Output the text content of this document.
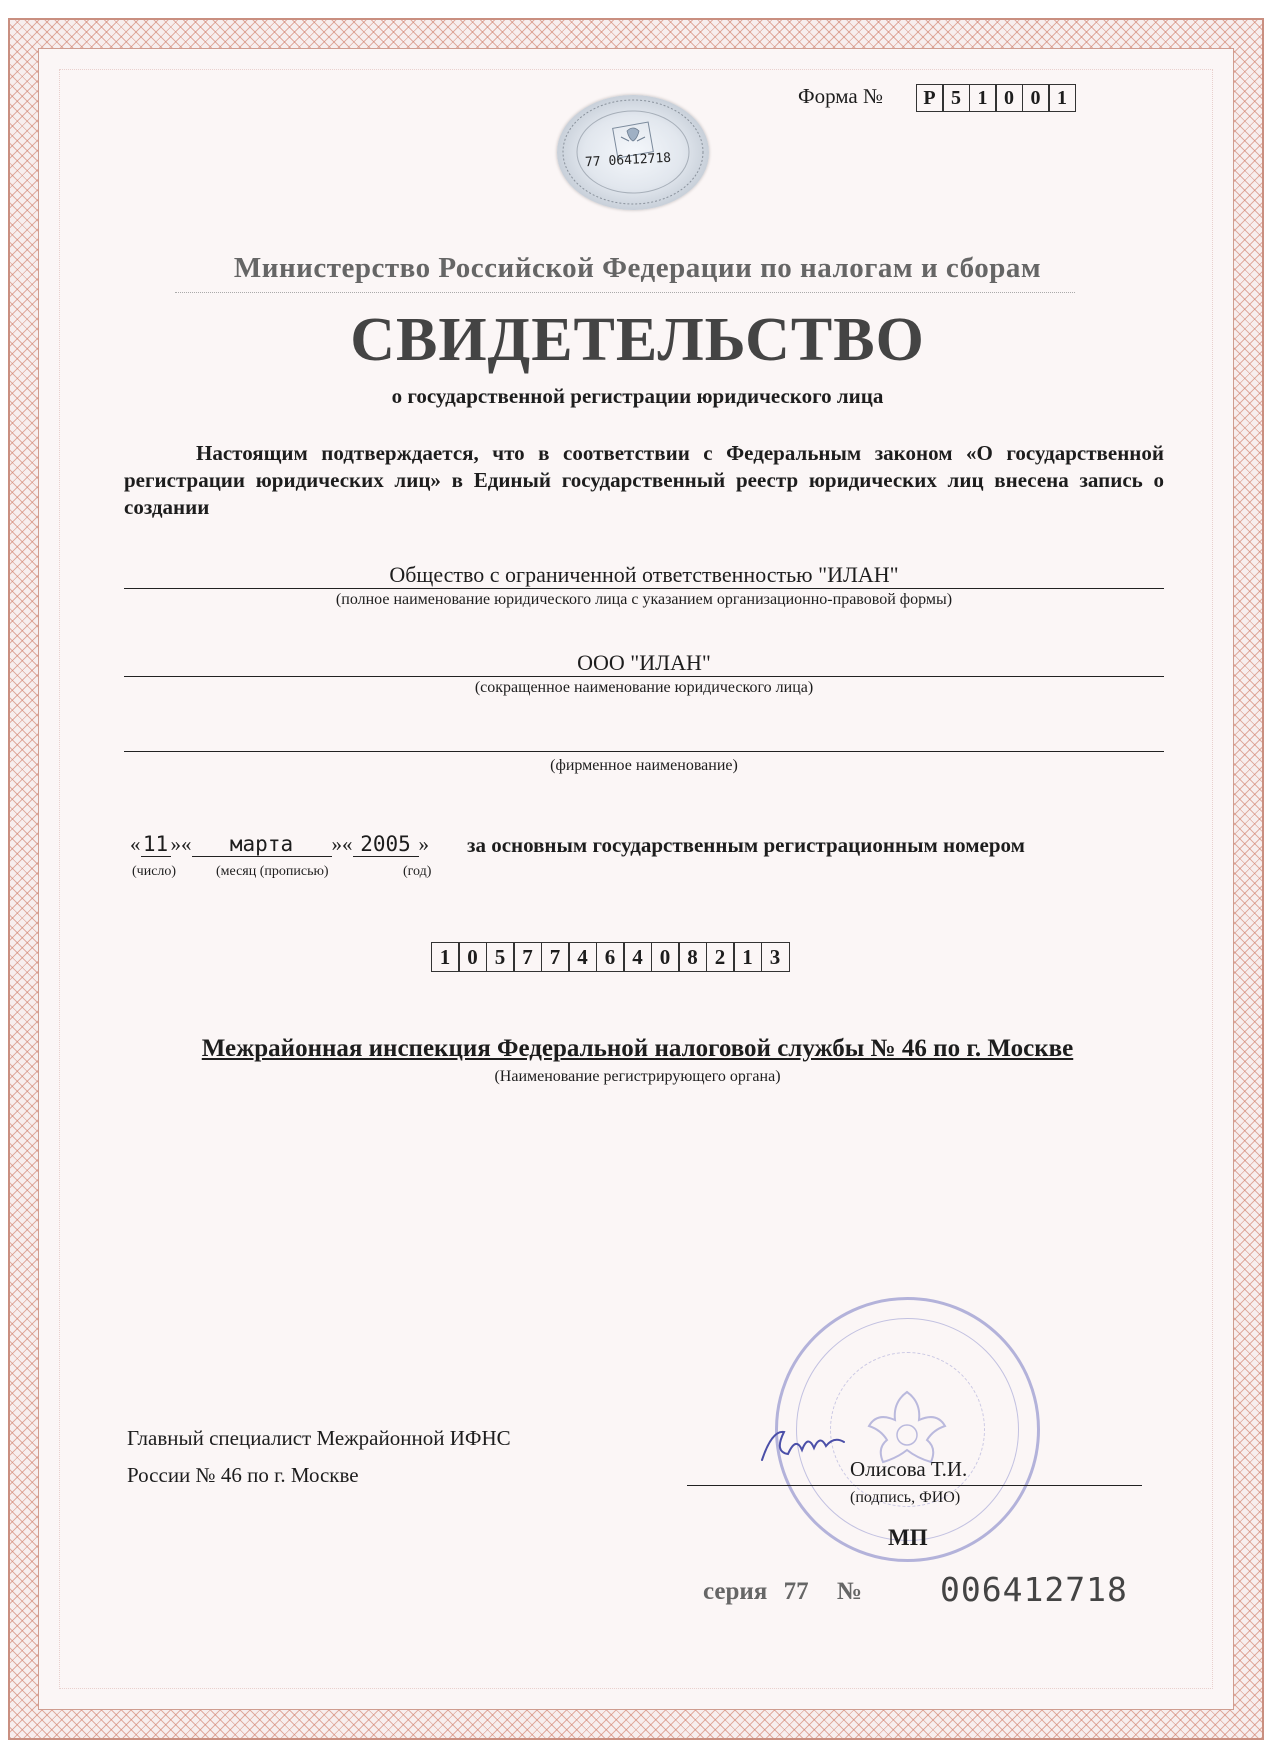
Форма №	Р 5 1 0 0 1
77 06412718
Министерство Российской Федерации по налогам и сборам
СВИДЕТЕЛЬСТВО
о государственной регистрации юридического лица
Настоящим подтверждается, что в соответствии с Федеральным законом «О государственной регистрации юридических лиц» в Единый государственный реестр юридических лиц внесена запись о создании
Общество с ограниченной ответственностью "ИЛАН"
(полное наименование юридического лица с указанием организационно-правовой формы)
ООО "ИЛАН"
(сокращенное наименование юридического лица)
(фирменное наименование)
« 11 »« марта »« 2005 » за основным государственным регистрационным номером
(число)	(месяц (прописью)	(год)
1 0 5 7 7 4 6 4 0 8 2 1 3
Межрайонная инспекция Федеральной налоговой службы № 46 по г. Москве
(Наименование регистрирующего органа)
Главный специалист Межрайонной ИФНС
России № 46 по г. Москве	Олисова Т.И.
(подпись, ФИО)
МП
серия 77 № 006412718
